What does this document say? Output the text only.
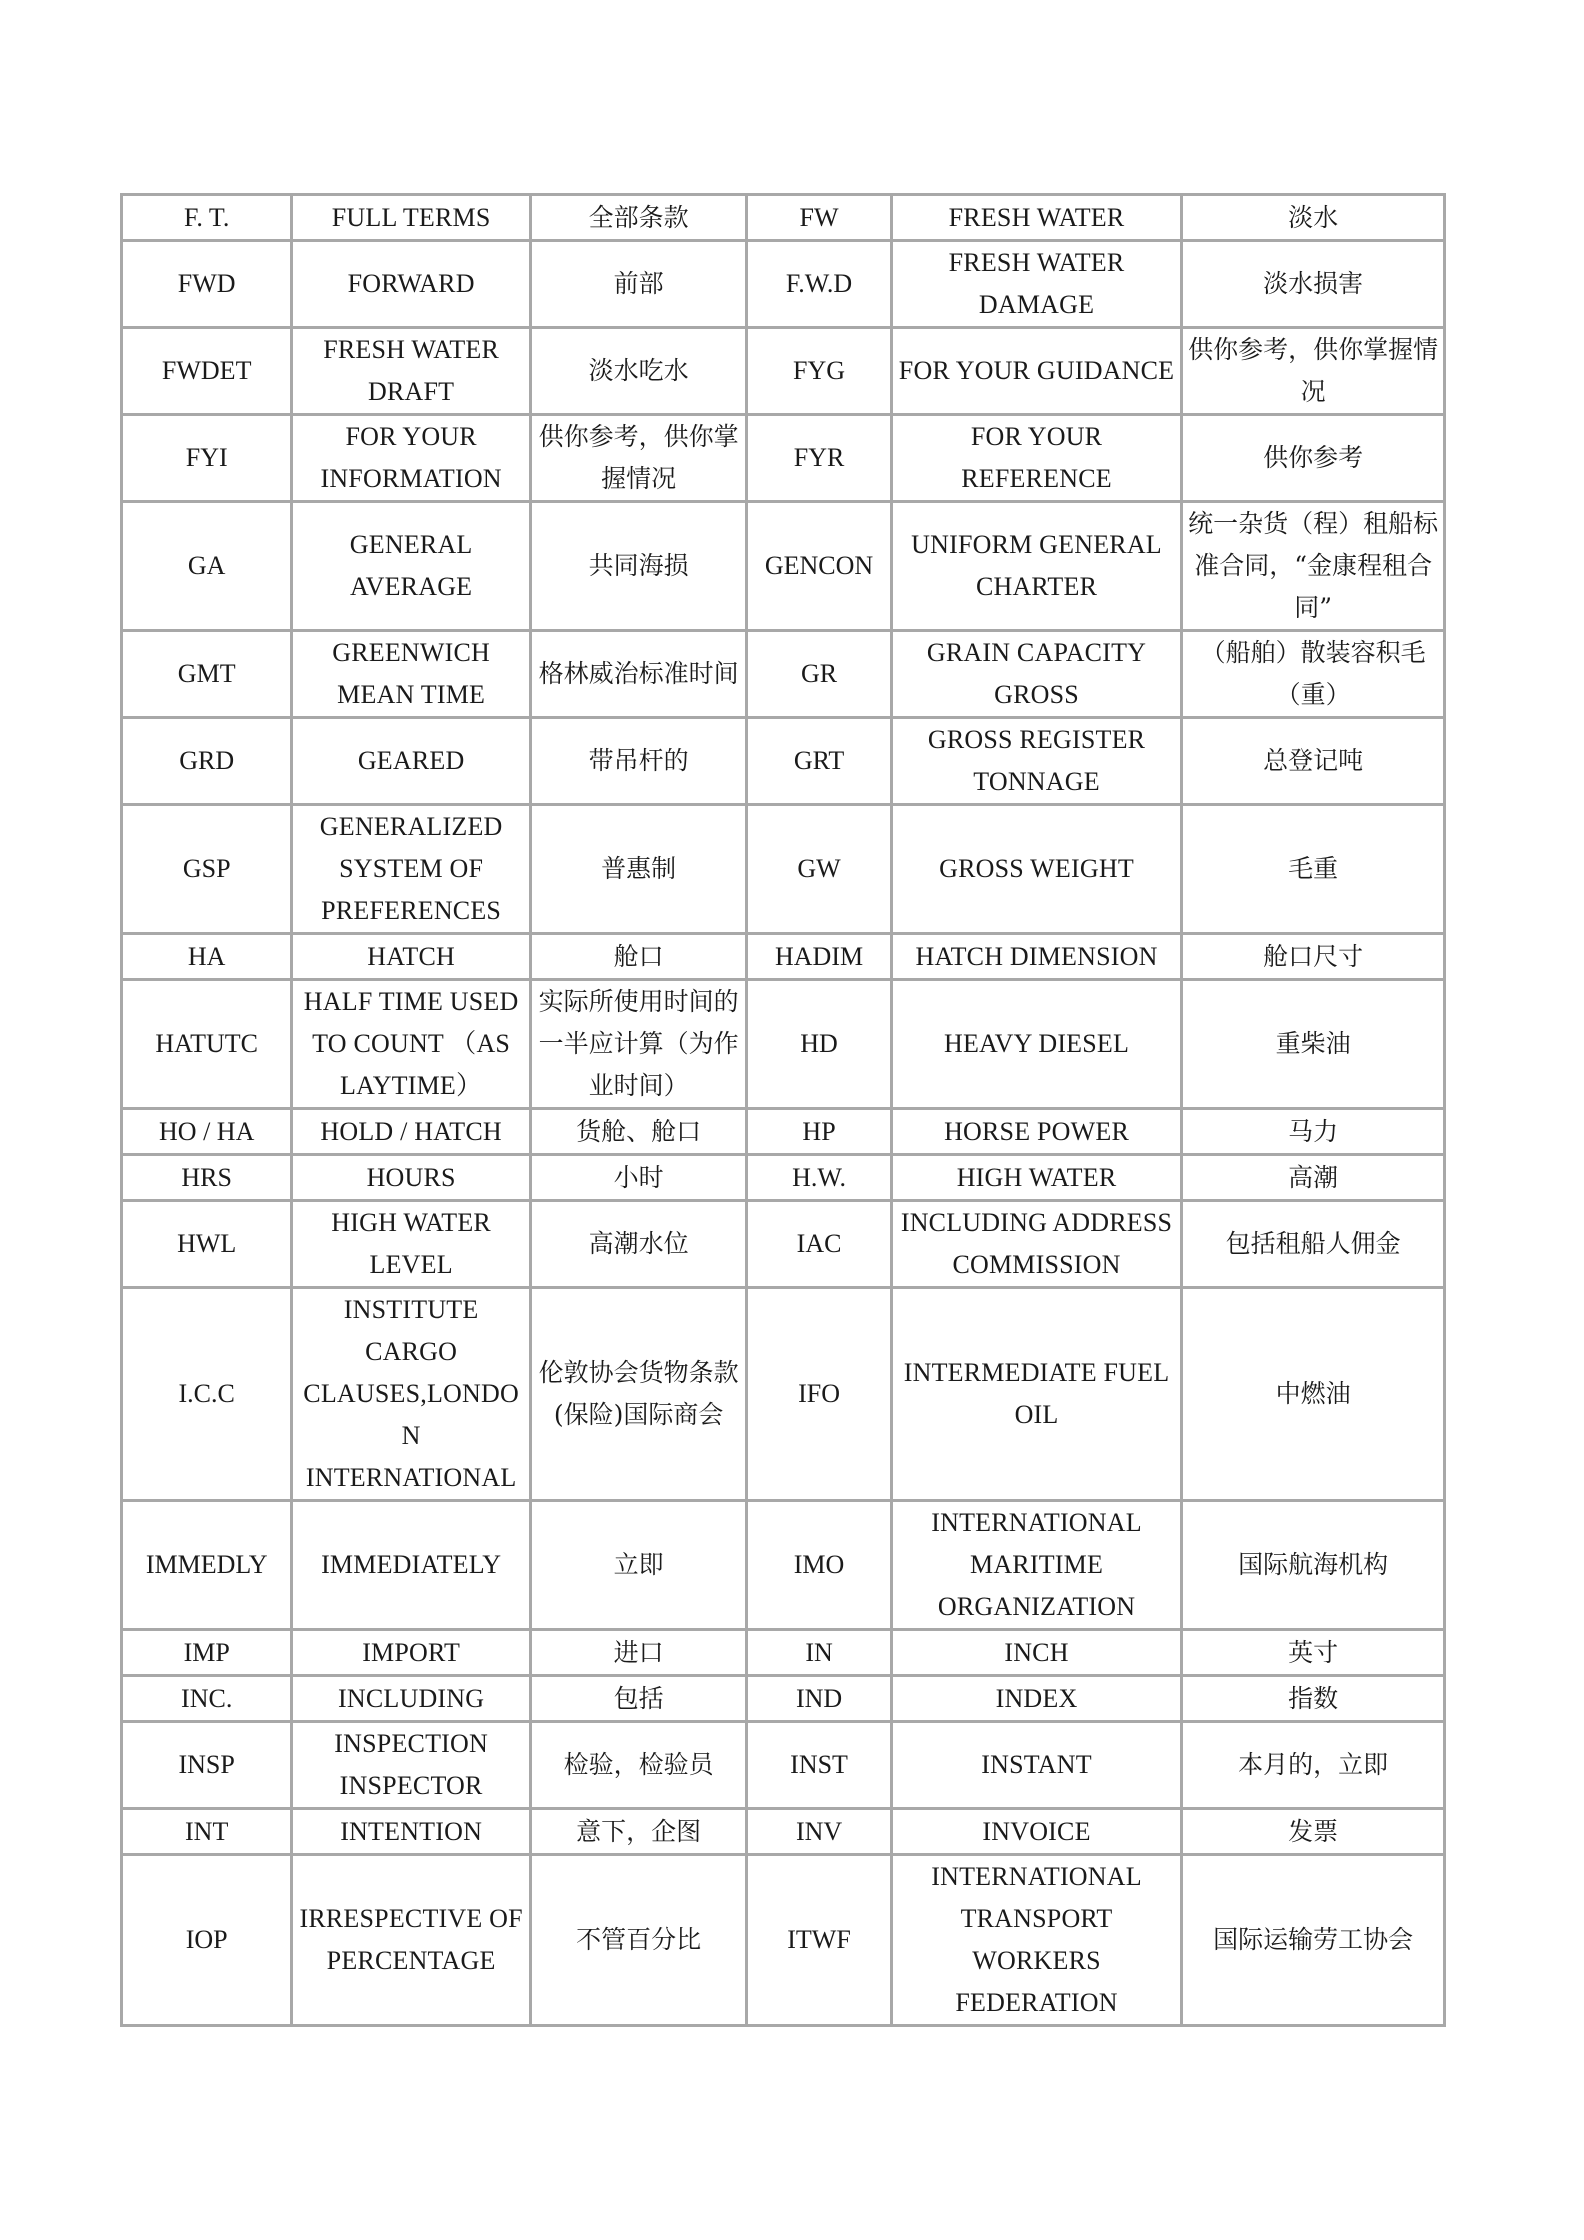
F. T.	FULL TERMS	全部条款	FW	FRESH WATER	淡水
FWD	FORWARD	前部	F.W.D	FRESH WATER DAMAGE	淡水损害
FWDET	FRESH WATER DRAFT	淡水吃水	FYG	FOR YOUR GUIDANCE	供你参考，供你掌握情况
FYI	FOR YOUR INFORMATION	供你参考，供你掌握情况	FYR	FOR YOUR REFERENCE	供你参考
GA	GENERAL AVERAGE	共同海损	GENCON	UNIFORM GENERAL CHARTER	统一杂货（程）租船标准合同，“金康程租合同”
GMT	GREENWICH MEAN TIME	格林威治标准时间	GR	GRAIN CAPACITY GROSS	（船舶）散装容积毛（重）
GRD	GEARED	带吊杆的	GRT	GROSS REGISTER TONNAGE	总登记吨
GSP	GENERALIZED SYSTEM OF PREFERENCES	普惠制	GW	GROSS WEIGHT	毛重
HA	HATCH	舱口	HADIM	HATCH DIMENSION	舱口尺寸
HATUTC	HALF TIME USED TO COUNT （AS LAYTIME）	实际所使用时间的一半应计算（为作业时间）	HD	HEAVY DIESEL	重柴油
HO / HA	HOLD / HATCH	货舱、舱口	HP	HORSE POWER	马力
HRS	HOURS	小时	H.W.	HIGH WATER	高潮
HWL	HIGH WATER LEVEL	高潮水位	IAC	INCLUDING ADDRESS COMMISSION	包括租船人佣金
I.C.C	INSTITUTE CARGO CLAUSES,LONDON INTERNATIONAL	伦敦协会货物条款(保险)国际商会	IFO	INTERMEDIATE FUEL OIL	中燃油
IMMEDLY	IMMEDIATELY	立即	IMO	INTERNATIONAL MARITIME ORGANIZATION	国际航海机构
IMP	IMPORT	进口	IN	INCH	英寸
INC.	INCLUDING	包括	IND	INDEX	指数
INSP	INSPECTION INSPECTOR	检验，检验员	INST	INSTANT	本月的，立即
INT	INTENTION	意下，企图	INV	INVOICE	发票
IOP	IRRESPECTIVE OF PERCENTAGE	不管百分比	ITWF	INTERNATIONAL TRANSPORT WORKERS FEDERATION	国际运输劳工协会
